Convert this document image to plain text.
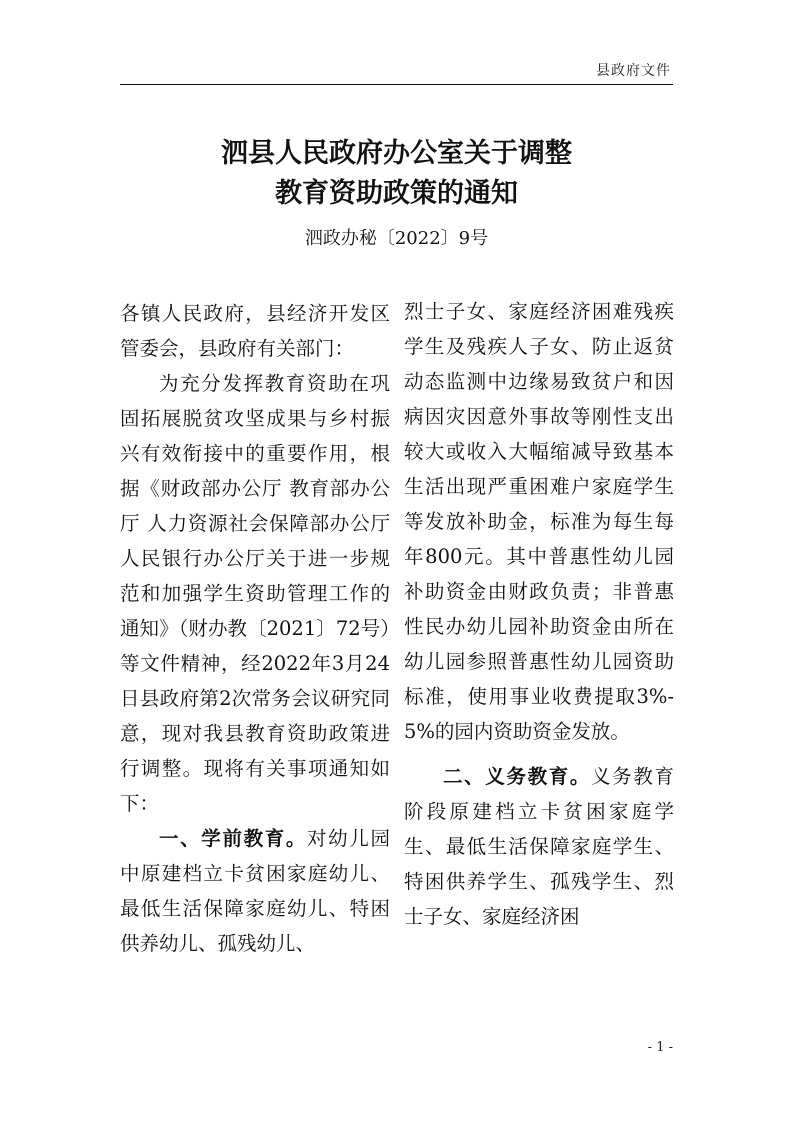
县政府文件
泗县人民政府办公室关于调整
教育资助政策的通知
泗政办秘〔2022〕9号

各镇人民政府，县经济开发区管委会，县政府有关部门：

为充分发挥教育资助在巩固拓展脱贫攻坚成果与乡村振兴有效衔接中的重要作用，根据《财政部办公厅 教育部办公厅 人力资源社会保障部办公厅 人民银行办公厅关于进一步规范和加强学生资助管理工作的通知》（财办教〔2021〕72号）等文件精神，经2022年3月24日县政府第2次常务会议研究同意，现对我县教育资助政策进行调整。现将有关事项通知如下：

一、学前教育。对幼儿园中原建档立卡贫困家庭幼儿、最低生活保障家庭幼儿、特困供养幼儿、孤残幼儿、

烈士子女、家庭经济困难残疾学生及残疾人子女、防止返贫动态监测中边缘易致贫户和因病因灾因意外事故等刚性支出较大或收入大幅缩减导致基本生活出现严重困难户家庭学生等发放补助金，标准为每生每年800元。其中普惠性幼儿园补助资金由财政负责；非普惠性民办幼儿园补助资金由所在幼儿园参照普惠性幼儿园资助标准，使用事业收费提取3%-5%的园内资助资金发放。

二、义务教育。义务教育阶段原建档立卡贫困家庭学生、最低生活保障家庭学生、特困供养学生、孤残学生、烈士子女、家庭经济困

- 1 -
